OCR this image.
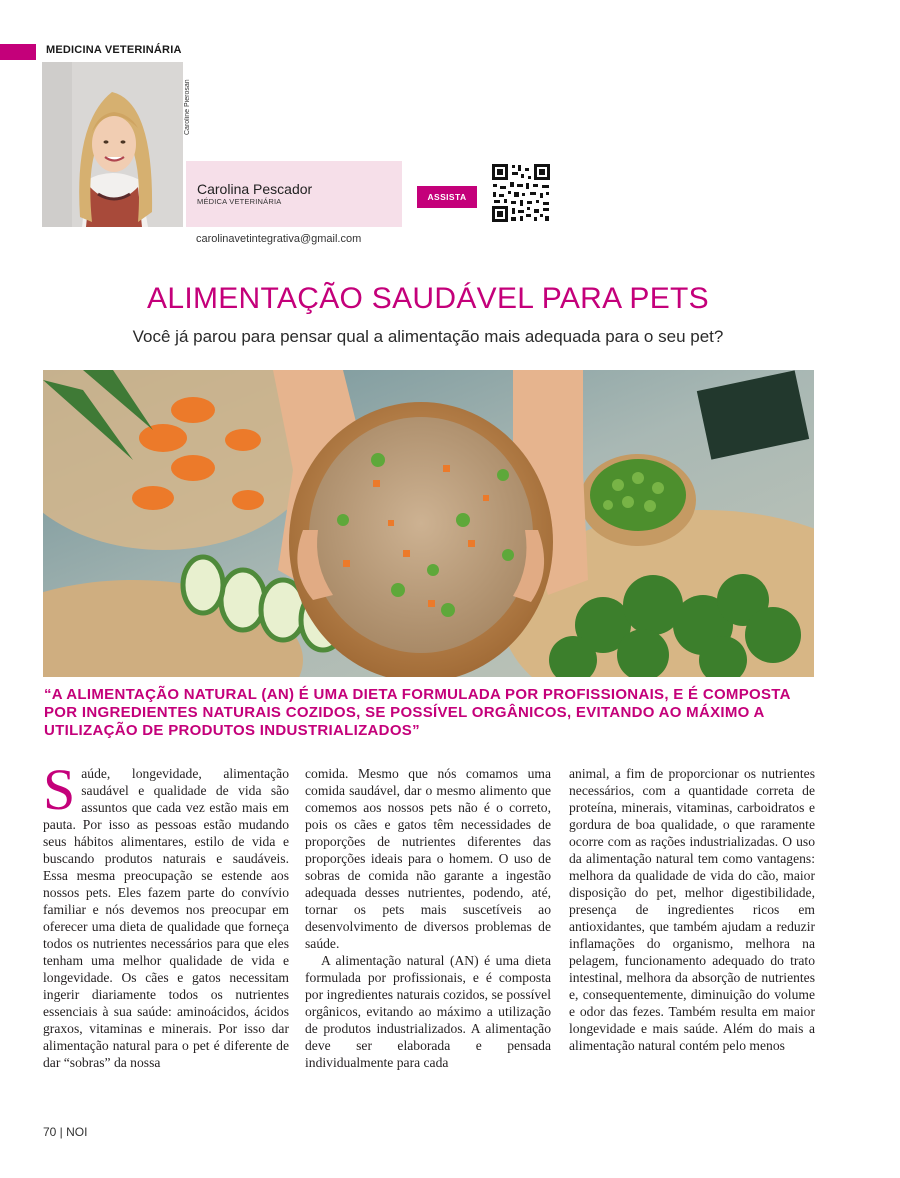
MEDICINA VETERINÁRIA
Caroline Pierosan
Carolina Pescador
MÉDICA VETERINÁRIA	ASSISTA
carolinavetintegrativa@gmail.com
ALIMENTAÇÃO SAUDÁVEL PARA PETS
Você já parou para pensar qual a alimentação mais adequada para o seu pet?
“A ALIMENTAÇÃO NATURAL (AN) É UMA DIETA FORMULADA POR PROFISSIONAIS, E É COMPOSTA POR INGREDIENTES NATURAIS COZIDOS, SE POSSÍVEL ORGÂNICOS, EVITANDO AO MÁXIMO A UTILIZAÇÃO DE PRODUTOS INDUSTRIALIZADOS”

Saúde, longevidade, alimentação saudável e qualidade de vida são assuntos que cada vez estão mais em pauta. Por isso as pessoas estão mudando seus hábitos alimentares, estilo de vida e buscando produtos naturais e saudáveis. Essa mesma preocupação se estende aos nossos pets. Eles fazem parte do convívio familiar e nós devemos nos preocupar em oferecer uma dieta de qualidade que forneça todos os nutrientes necessários para que eles tenham uma melhor qualidade de vida e longevidade. Os cães e gatos necessitam ingerir diariamente todos os nutrientes essenciais à sua saúde: aminoácidos, ácidos graxos, vitaminas e minerais. Por isso dar alimentação natural para o pet é diferente de dar “sobras” da nossa

comida. Mesmo que nós comamos uma comida saudável, dar o mesmo alimento que comemos aos nossos pets não é o correto, pois os cães e gatos têm necessidades de proporções de nutrientes diferentes das proporções ideais para o homem. O uso de sobras de comida não garante a ingestão adequada desses nutrientes, podendo, até, tornar os pets mais suscetíveis ao desenvolvimento de diversos problemas de saúde.

A alimentação natural (AN) é uma dieta formulada por profissionais, e é composta por ingredientes naturais cozidos, se possível orgânicos, evitando ao máximo a utilização de produtos industrializados. A alimentação deve ser elaborada e pensada individualmente para cada

animal, a fim de proporcionar os nutrientes necessários, com a quantidade correta de proteína, minerais, vitaminas, carboidratos e gordura de boa qualidade, o que raramente ocorre com as rações industrializadas. O uso da alimentação natural tem como vantagens: melhora da qualidade de vida do cão, maior disposição do pet, melhor digestibilidade, presença de ingredientes ricos em antioxidantes, que também ajudam a reduzir inflamações do organismo, melhora na pelagem, funcionamento adequado do trato intestinal, melhora da absorção de nutrientes e, consequentemente, diminuição do volume e odor das fezes. Também resulta em maior longevidade e mais saúde. Além do mais a alimentação natural contém pelo menos

70 | NOI
